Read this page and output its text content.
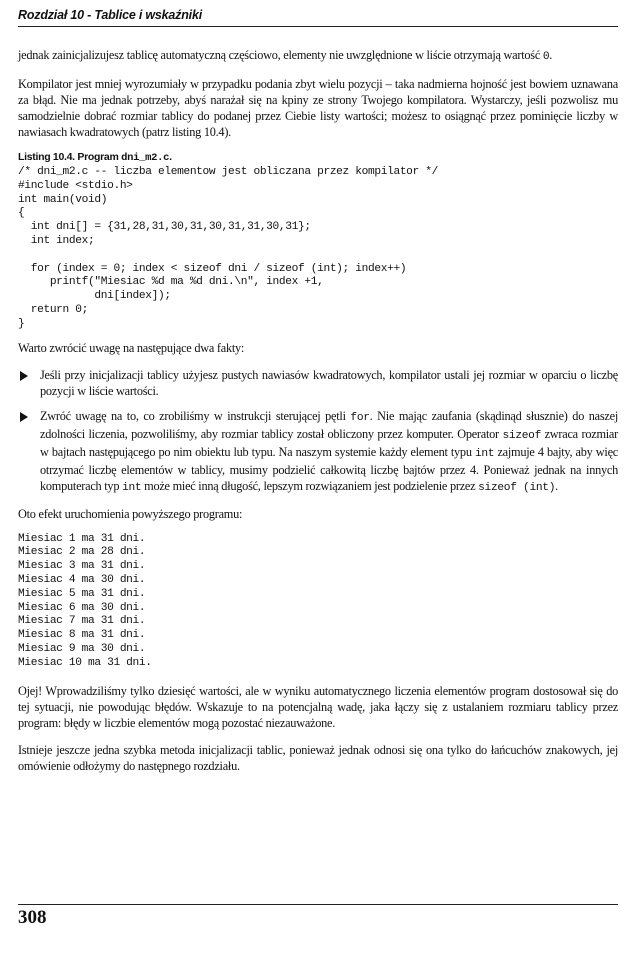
Rozdział 10 - Tablice i wskaźniki

jednak zainicjalizujesz tablicę automatyczną częściowo, elementy nie uwzględnione w liście otrzymają wartość 0.

Kompilator jest mniej wyrozumiały w przypadku podania zbyt wielu pozycji – taka nadmierna hojność jest bowiem uznawana za błąd. Nie ma jednak potrzeby, abyś narażał się na kpiny ze strony Twojego kompilatora. Wystarczy, jeśli pozwolisz mu samodzielnie dobrać rozmiar tablicy do podanej przez Ciebie listy wartości; możesz to osiągnąć przez pominięcie liczby w nawiasach kwadratowych (patrz listing 10.4).

Listing 10.4. Program dni_m2.c.
/* dni_m2.c -- liczba elementow jest obliczana przez kompilator */
#include <stdio.h>
int main(void)
{
int dni[] = {31,28,31,30,31,30,31,31,30,31};
int index;

for (index = 0; index < sizeof dni / sizeof (int); index++)
printf("Miesiac %d ma %d dni.\n", index +1,
dni[index]);
return 0;
}

Warto zwrócić uwagę na następujące dwa fakty:

Jeśli przy inicjalizacji tablicy użyjesz pustych nawiasów kwadratowych, kompilator ustali jej rozmiar w oparciu o liczbę pozycji w liście wartości.
Zwróć uwagę na to, co zrobiliśmy w instrukcji sterującej pętli for. Nie mając zaufania (skądinąd słusznie) do naszej zdolności liczenia, pozwoliliśmy, aby rozmiar tablicy został obliczony przez komputer. Operator sizeof zwraca rozmiar w bajtach następującego po nim obiektu lub typu. Na naszym systemie każdy element typu int zajmuje 4 bajty, aby więc otrzymać liczbę elementów w tablicy, musimy podzielić całkowitą liczbę bajtów przez 4. Ponieważ jednak na innych komputerach typ int może mieć inną długość, lepszym rozwiązaniem jest podzielenie przez sizeof (int).

Oto efekt uruchomienia powyższego programu:

Miesiac 1 ma 31 dni.
Miesiac 2 ma 28 dni.
Miesiac 3 ma 31 dni.
Miesiac 4 ma 30 dni.
Miesiac 5 ma 31 dni.
Miesiac 6 ma 30 dni.
Miesiac 7 ma 31 dni.
Miesiac 8 ma 31 dni.
Miesiac 9 ma 30 dni.
Miesiac 10 ma 31 dni.

Ojej! Wprowadziliśmy tylko dziesięć wartości, ale w wyniku automatycznego liczenia elementów program dostosował się do tej sytuacji, nie powodując błędów. Wskazuje to na potencjalną wadę, jaka łączy się z ustalaniem rozmiaru tablicy przez program: błędy w liczbie elementów mogą pozostać niezauważone.

Istnieje jeszcze jedna szybka metoda inicjalizacji tablic, ponieważ jednak odnosi się ona tylko do łańcuchów znakowych, jej omówienie odłożymy do następnego rozdziału.

308
